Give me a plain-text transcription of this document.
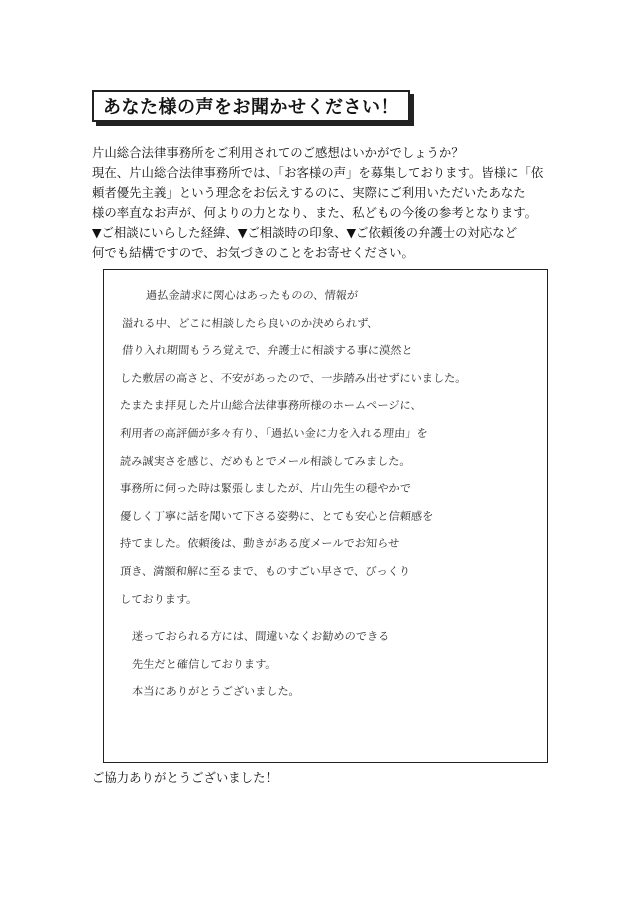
あなた様の声をお聞かせください！
片山総合法律事務所をご利用されてのご感想はいかがでしょうか？
現在、片山総合法律事務所では、「お客様の声」を募集しております。皆様に「依
頼者優先主義」という理念をお伝えするのに、実際にご利用いただいたあなた
様の率直なお声が、何よりの力となり、また、私どもの今後の参考となります。
▼ご相談にいらした経緯、▼ご相談時の印象、▼ご依頼後の弁護士の対応など
何でも結構ですので、お気づきのことをお寄せください。
過払金請求に関心はあったものの、情報が
溢れる中、どこに相談したら良いのか決められず、
借り入れ期間もうろ覚えで、弁護士に相談する事に漠然と
した敷居の高さと、不安があったので、一歩踏み出せずにいました。
たまたま拝見した片山総合法律事務所様のホームページに、
利用者の高評価が多々有り、「過払い金に力を入れる理由」を
読み誠実さを感じ、だめもとでメール相談してみました。
事務所に伺った時は緊張しましたが、片山先生の穏やかで
優しく丁寧に話を聞いて下さる姿勢に、とても安心と信頼感を
持てました。依頼後は、動きがある度メールでお知らせ
頂き、満額和解に至るまで、ものすごい早さで、びっくり
しております。
迷っておられる方には、間違いなくお勧めのできる
先生だと確信しております。
本当にありがとうございました。
ご協力ありがとうございました！
